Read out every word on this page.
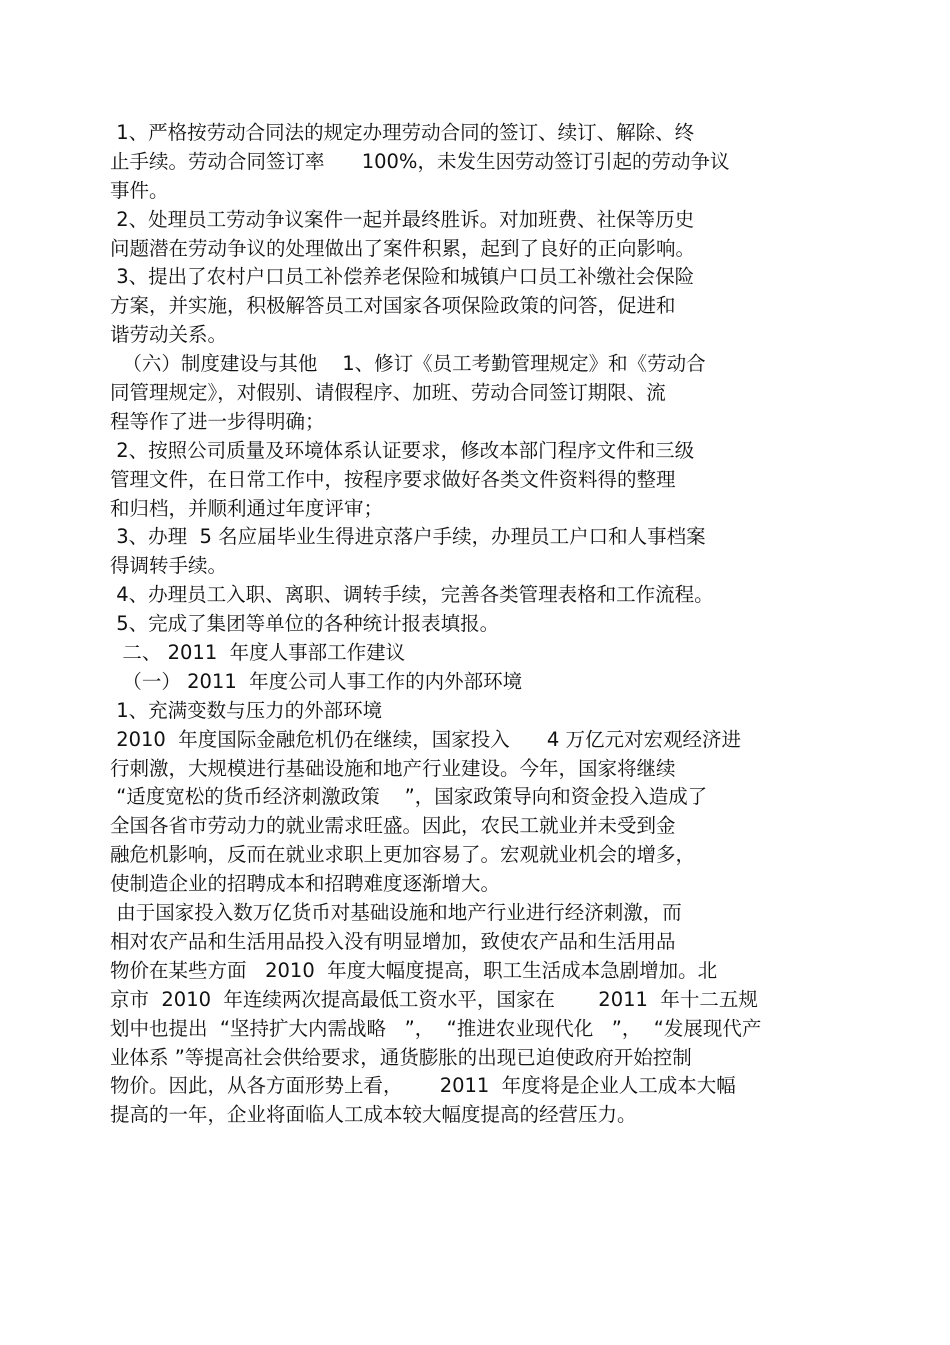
1、严格按劳动合同法的规定办理劳动合同的签订、续订、解除、终
止手续。劳动合同签订率      100%，未发生因劳动签订引起的劳动争议
事件。
2、处理员工劳动争议案件一起并最终胜诉。对加班费、社保等历史
问题潜在劳动争议的处理做出了案件积累，起到了良好的正向影响。
3、提出了农村户口员工补偿养老保险和城镇户口员工补缴社会保险
方案，并实施，积极解答员工对国家各项保险政策的问答，促进和
谐劳动关系。
（六）制度建设与其他    1、修订《员工考勤管理规定》和《劳动合
同管理规定》，对假别、请假程序、加班、劳动合同签订期限、流
程等作了进一步得明确；
2、按照公司质量及环境体系认证要求，修改本部门程序文件和三级
管理文件，在日常工作中，按程序要求做好各类文件资料得的整理
和归档，并顺利通过年度评审；
3、办理  5 名应届毕业生得进京落户手续，办理员工户口和人事档案
得调转手续。
4、办理员工入职、离职、调转手续，完善各类管理表格和工作流程。
5、完成了集团等单位的各种统计报表填报。
二、 2011  年度人事部工作建议
（一） 2011  年度公司人事工作的内外部环境
1、充满变数与压力的外部环境
2010  年度国际金融危机仍在继续，国家投入      4 万亿元对宏观经济进
行刺激，大规模进行基础设施和地产行业建设。今年，国家将继续
“适度宽松的货币经济刺激政策    ”，国家政策导向和资金投入造成了
全国各省市劳动力的就业需求旺盛。因此，农民工就业并未受到金
融危机影响，反而在就业求职上更加容易了。宏观就业机会的增多，
使制造企业的招聘成本和招聘难度逐渐增大。
由于国家投入数万亿货币对基础设施和地产行业进行经济刺激，而
相对农产品和生活用品投入没有明显增加，致使农产品和生活用品
物价在某些方面   2010  年度大幅度提高，职工生活成本急剧增加。北
京市  2010  年连续两次提高最低工资水平，国家在       2011  年十二五规
划中也提出  “坚持扩大内需战略   ”，  “推进农业现代化   ”，  “发展现代产
业体系 ”等提高社会供给要求，通货膨胀的出现已迫使政府开始控制
物价。因此，从各方面形势上看，      2011  年度将是企业人工成本大幅
提高的一年，企业将面临人工成本较大幅度提高的经营压力。
